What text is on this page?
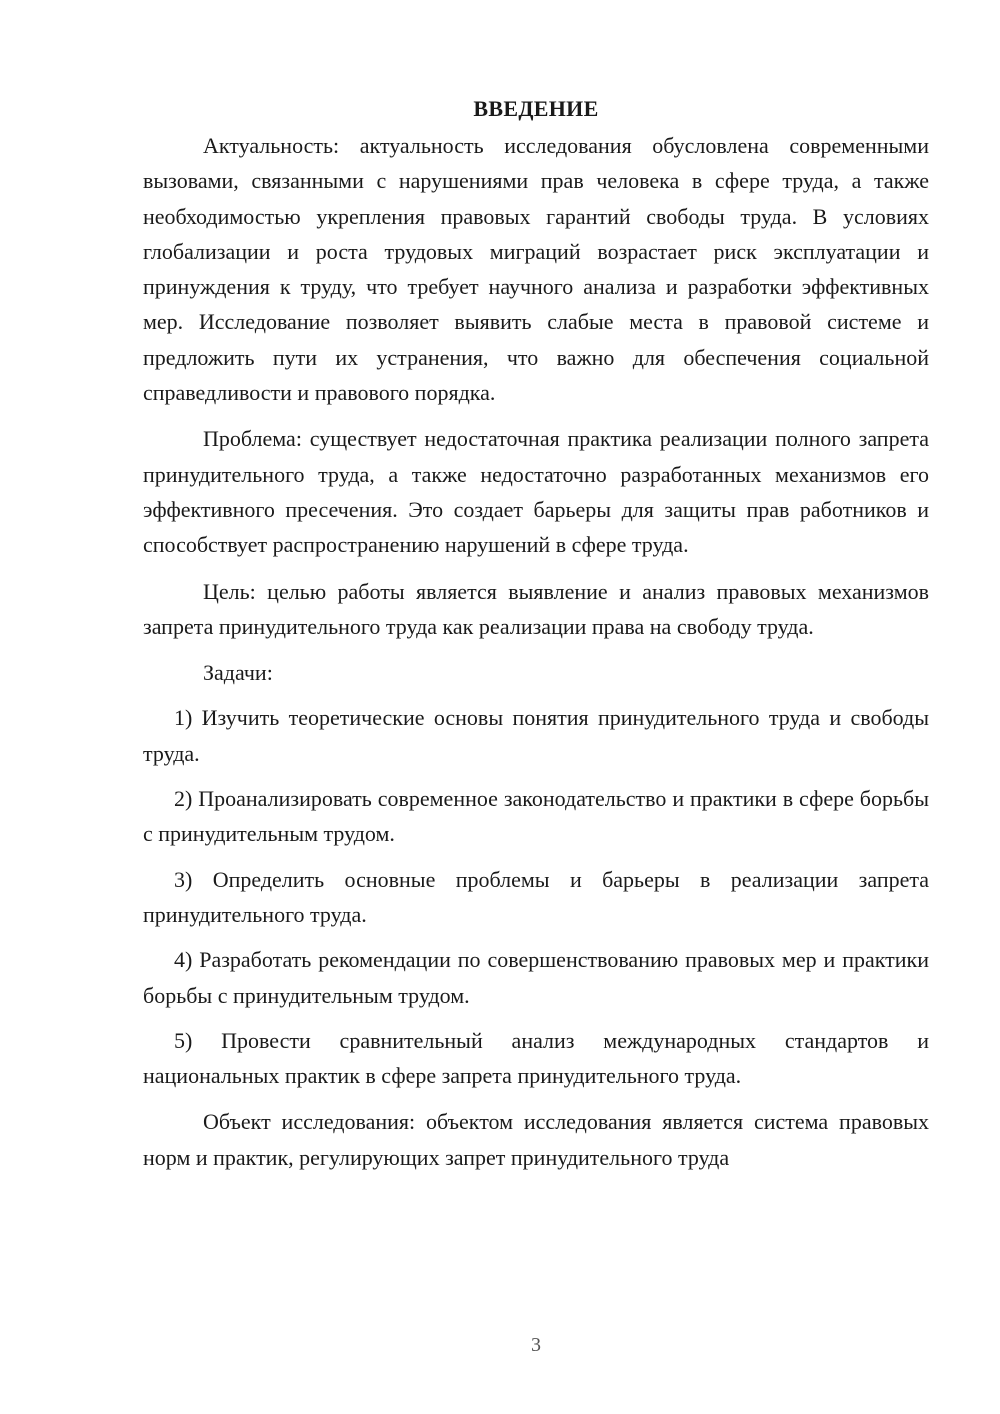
ВВЕДЕНИЕ

Актуальность: актуальность исследования обусловлена современными вызовами, связанными с нарушениями прав человека в сфере труда, а также необходимостью укрепления правовых гарантий свободы труда. В условиях глобализации и роста трудовых миграций возрастает риск эксплуатации и принуждения к труду, что требует научного анализа и разработки эффективных мер. Исследование позволяет выявить слабые места в правовой системе и предложить пути их устранения, что важно для обеспечения социальной справедливости и правового порядка.

Проблема: существует недостаточная практика реализации полного запрета принудительного труда, а также недостаточно разработанных механизмов его эффективного пресечения. Это создает барьеры для защиты прав работников и способствует распространению нарушений в сфере труда.

Цель: целью работы является выявление и анализ правовых механизмов запрета принудительного труда как реализации права на свободу труда.

Задачи:

1) Изучить теоретические основы понятия принудительного труда и свободы труда.

2) Проанализировать современное законодательство и практики в сфере борьбы с принудительным трудом.

3) Определить основные проблемы и барьеры в реализации запрета принудительного труда.

4) Разработать рекомендации по совершенствованию правовых мер и практики борьбы с принудительным трудом.

5) Провести сравнительный анализ международных стандартов и национальных практик в сфере запрета принудительного труда.

Объект исследования: объектом исследования является система правовых норм и практик, регулирующих запрет принудительного труда

3
